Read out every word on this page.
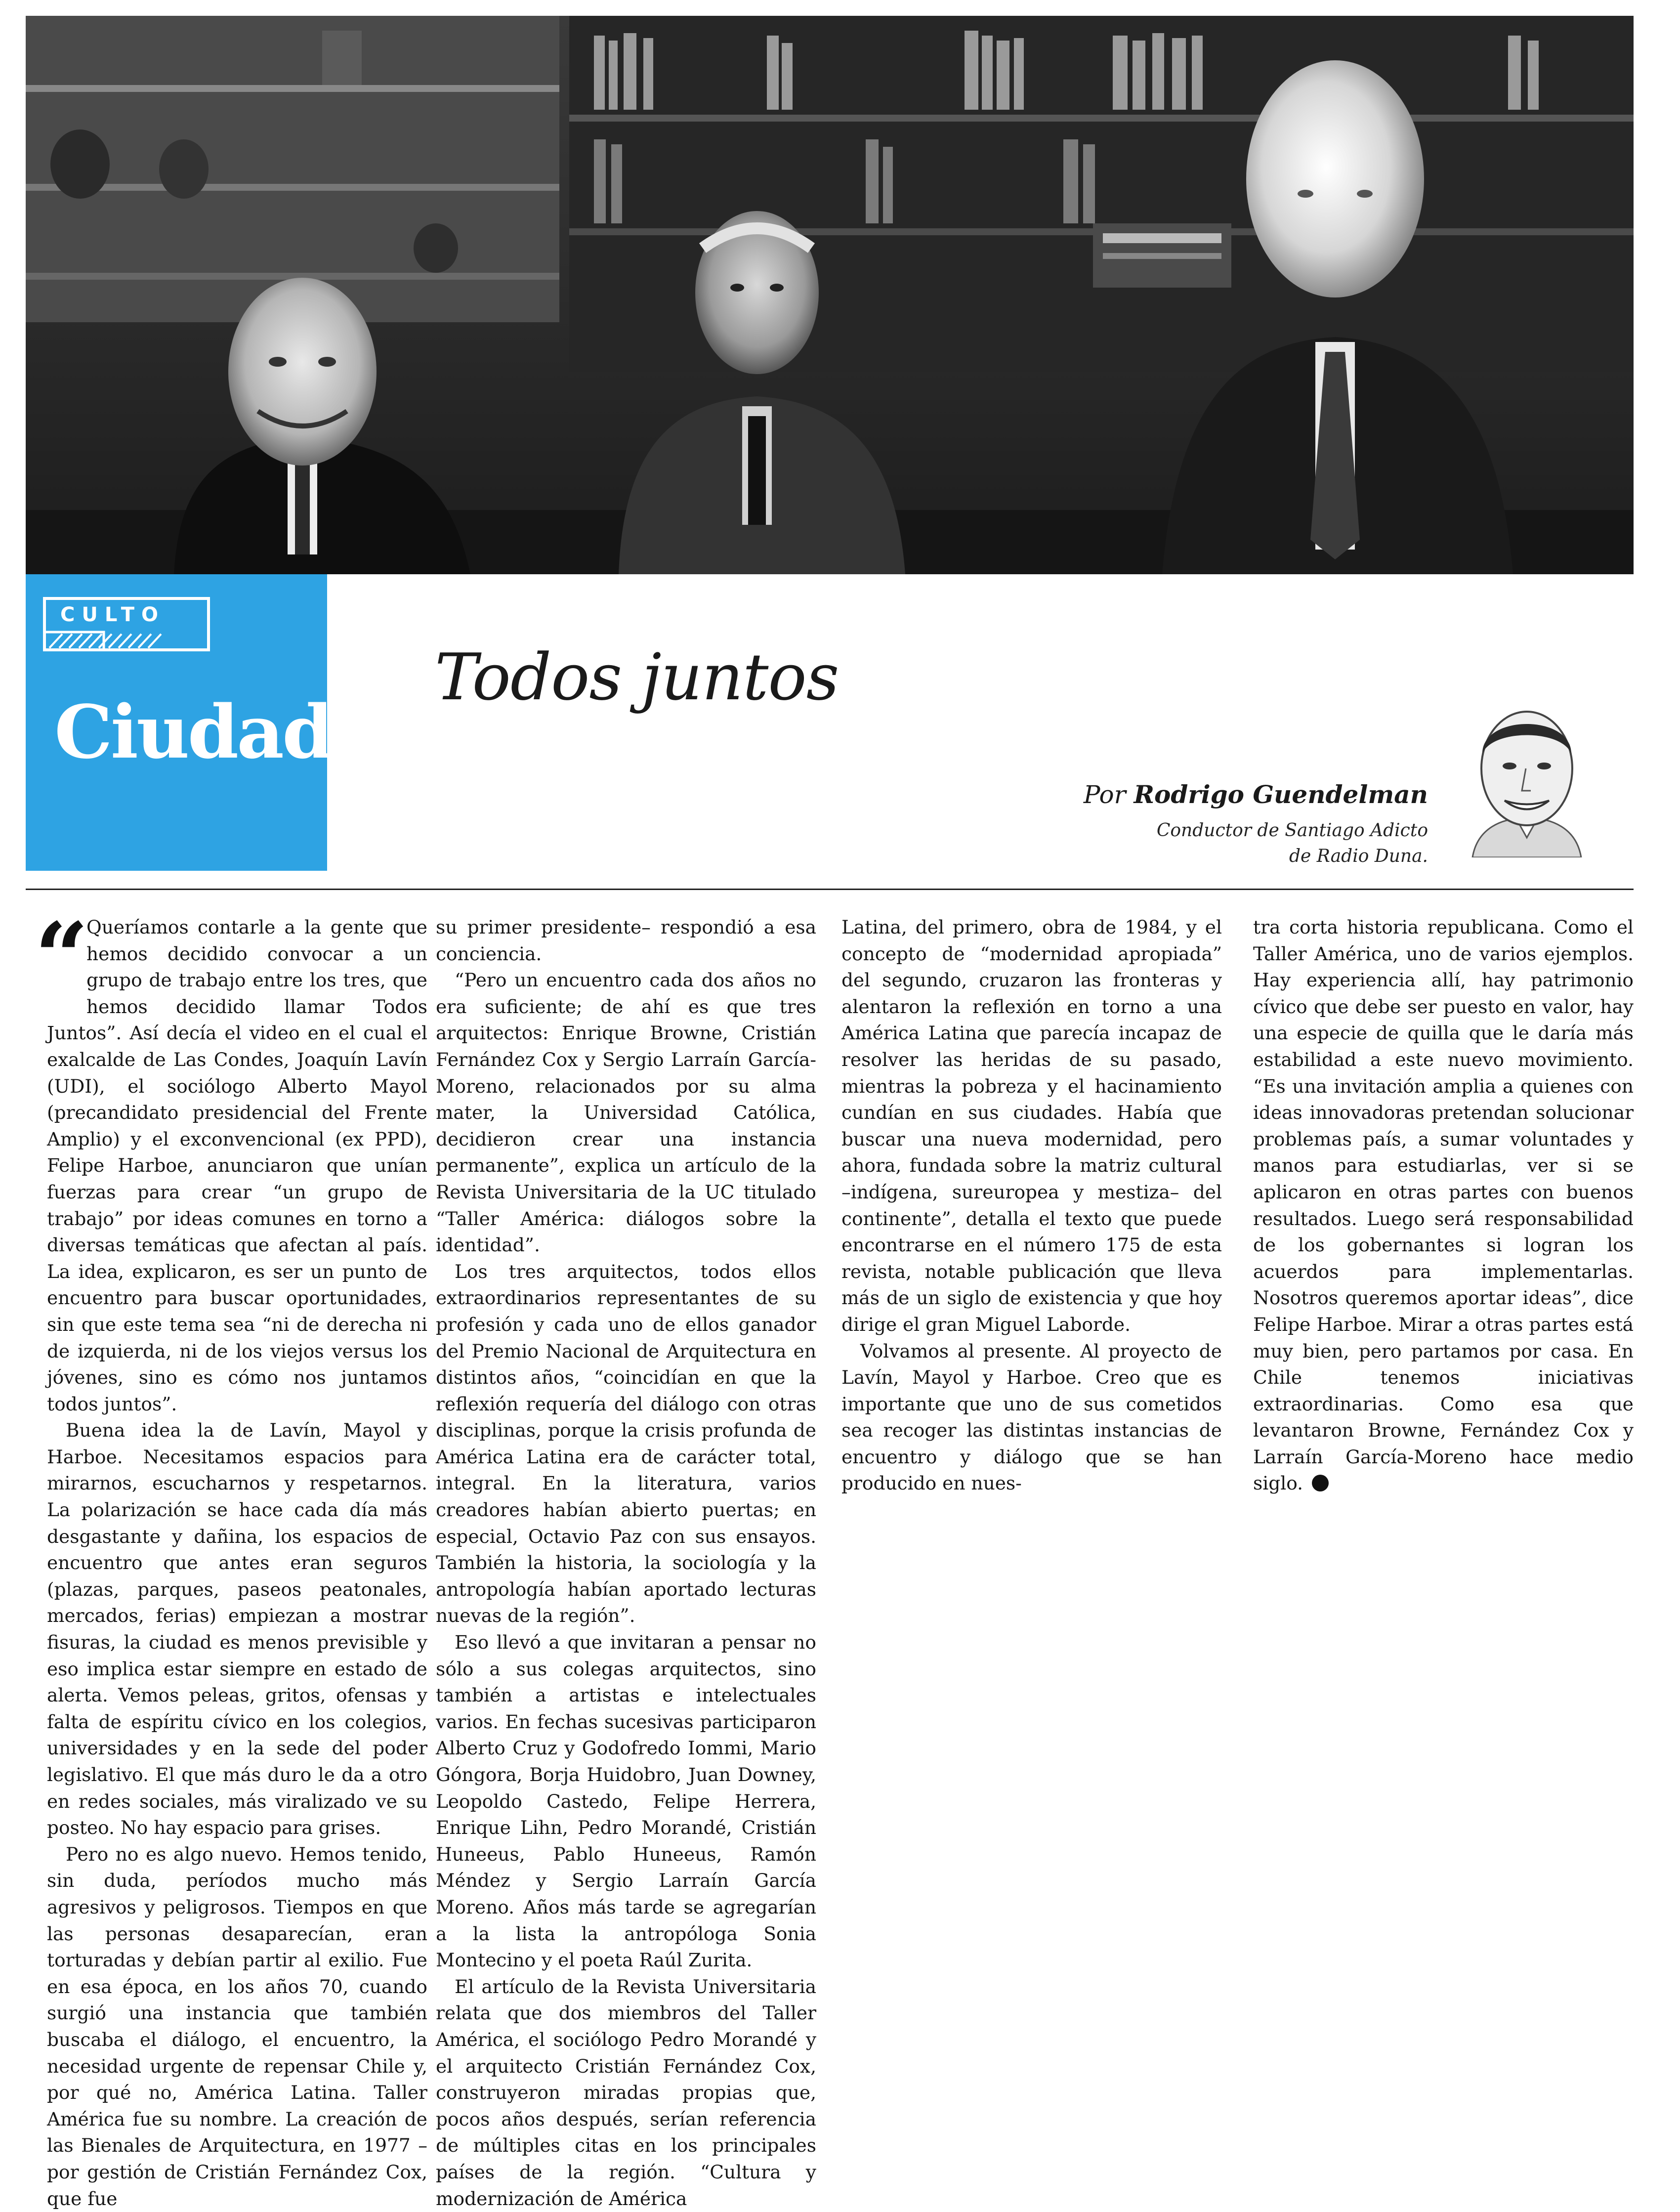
CULTO
Ciudad
Todos juntos
Por Rodrigo Guendelman
Conductor de Santiago Adicto
de Radio Duna.
“

Queríamos contarle a la gente que hemos decidido convocar a un grupo de trabajo entre los tres, que hemos decidido llamar Todos Juntos”. Así decía el video en el cual el exalcalde de Las Condes, Joaquín Lavín (UDI), el sociólogo Alberto Mayol (precandidato presidencial del Frente Amplio) y el exconvencional (ex PPD), Felipe Harboe, anunciaron que unían fuerzas para crear “un grupo de trabajo” por ideas comunes en torno a diversas temáticas que afectan al país. La idea, explicaron, es ser un punto de encuentro para buscar oportunidades, sin que este tema sea “ni de derecha ni de izquierda, ni de los viejos versus los jóvenes, sino es cómo nos juntamos todos juntos”.

Buena idea la de Lavín, Mayol y Harboe. Necesitamos espacios para mirarnos, escucharnos y respetarnos. La polarización se hace cada día más desgastante y dañina, los espacios de encuentro que antes eran seguros (plazas, parques, paseos peatonales, mercados, ferias) empiezan a mostrar fisuras, la ciudad es menos previsible y eso implica estar siempre en estado de alerta. Vemos peleas, gritos, ofensas y falta de espíritu cívico en los colegios, universidades y en la sede del poder legislativo. El que más duro le da a otro en redes sociales, más viralizado ve su posteo. No hay espacio para grises.

Pero no es algo nuevo. Hemos tenido, sin duda, períodos mucho más agresivos y peligrosos. Tiempos en que las personas desaparecían, eran torturadas y debían partir al exilio. Fue en esa época, en los años 70, cuando surgió una instancia que también buscaba el diálogo, el encuentro, la necesidad urgente de repensar Chile y, por qué no, América Latina. Taller América fue su nombre. La creación de las Bienales de Arquitectura, en 1977 –por gestión de Cristián Fernández Cox, que fue

su primer presidente– respondió a esa conciencia.

“Pero un encuentro cada dos años no era suficiente; de ahí es que tres arquitectos: Enrique Browne, Cristián Fernández Cox y Sergio Larraín García-Moreno, relacionados por su alma mater, la Universidad Católica, decidieron crear una instancia permanente”, explica un artículo de la Revista Universitaria de la UC titulado “Taller América: diálogos sobre la identidad”.

Los tres arquitectos, todos ellos extraordinarios representantes de su profesión y cada uno de ellos ganador del Premio Nacional de Arquitectura en distintos años, “coincidían en que la reflexión requería del diálogo con otras disciplinas, porque la crisis profunda de América Latina era de carácter total, integral. En la literatura, varios creadores habían abierto puertas; en especial, Octavio Paz con sus ensayos. También la historia, la sociología y la antropología habían aportado lecturas nuevas de la región”.

Eso llevó a que invitaran a pensar no sólo a sus colegas arquitectos, sino también a artistas e intelectuales varios. En fechas sucesivas participaron Alberto Cruz y Godofredo Iommi, Mario Góngora, Borja Huidobro, Juan Downey, Leopoldo Castedo, Felipe Herrera, Enrique Lihn, Pedro Morandé, Cristián Huneeus, Pablo Huneeus, Ramón Méndez y Sergio Larraín García Moreno. Años más tarde se agregarían a la lista la antropóloga Sonia Montecino y el poeta Raúl Zurita.

El artículo de la Revista Universitaria relata que dos miembros del Taller América, el sociólogo Pedro Morandé y el arquitecto Cristián Fernández Cox, construyeron miradas propias que, pocos años después, serían referencia de múltiples citas en los principales países de la región. “Cultura y modernización de América

Latina, del primero, obra de 1984, y el concepto de “modernidad apropiada” del segundo, cruzaron las fronteras y alentaron la reflexión en torno a una América Latina que parecía incapaz de resolver las heridas de su pasado, mientras la pobreza y el hacinamiento cundían en sus ciudades. Había que buscar una nueva modernidad, pero ahora, fundada sobre la matriz cultural –indígena, sureuropea y mestiza– del continente”, detalla el texto que puede encontrarse en el número 175 de esta revista, notable publicación que lleva más de un siglo de existencia y que hoy dirige el gran Miguel Laborde.

Volvamos al presente. Al proyecto de Lavín, Mayol y Harboe. Creo que es importante que uno de sus cometidos sea recoger las distintas instancias de encuentro y diálogo que se han producido en nues-

tra corta historia republicana. Como el Taller América, uno de varios ejemplos. Hay experiencia allí, hay patrimonio cívico que debe ser puesto en valor, hay una especie de quilla que le daría más estabilidad a este nuevo movimiento. “Es una invitación amplia a quienes con ideas innovadoras pretendan solucionar problemas país, a sumar voluntades y manos para estudiarlas, ver si se aplicaron en otras partes con buenos resultados. Luego será responsabilidad de los gobernantes si logran los acuerdos para implementarlas. Nosotros queremos aportar ideas”, dice Felipe Harboe. Mirar a otras partes está muy bien, pero partamos por casa. En Chile tenemos iniciativas extraordinarias. Como esa que levantaron Browne, Fernández Cox y Larraín García-Moreno hace medio siglo.
